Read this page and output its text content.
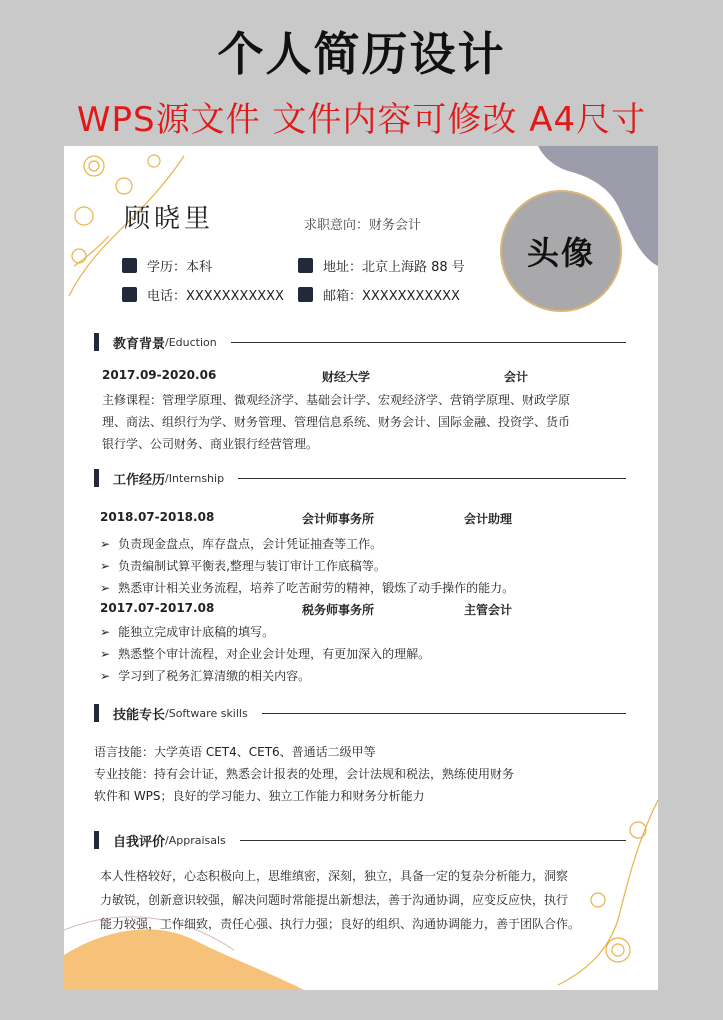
个人简历设计
WPS源文件 文件内容可修改 A4尺寸
顾晓里	求职意向：财务会计
头像
学历：本科	地址：北京上海路 88 号
电话：XXXXXXXXXXX	邮箱：XXXXXXXXXXX
教育背景 /Eduction
2017.09-2020.06	财经大学	会计
主修课程：管理学原理、微观经济学、基础会计学、宏观经济学、营销学原理、财政学原
理、商法、组织行为学、财务管理、管理信息系统、财务会计、国际金融、投资学、货币
银行学、公司财务、商业银行经营管理。
工作经历 /Internship
2018.07-2018.08	会计师事务所	会计助理
➢ 负责现金盘点，库存盘点，会计凭证抽查等工作。
➢ 负责编制试算平衡表,整理与装订审计工作底稿等。
➢ 熟悉审计相关业务流程，培养了吃苦耐劳的精神，锻炼了动手操作的能力。
2017.07-2017.08	税务师事务所	主管会计
➢ 能独立完成审计底稿的填写。
➢ 熟悉整个审计流程，对企业会计处理，有更加深入的理解。
➢ 学习到了税务汇算清缴的相关内容。
技能专长 /Software skills
语言技能：大学英语 CET4、CET6、普通话二级甲等
专业技能：持有会计证，熟悉会计报表的处理，会计法规和税法，熟练使用财务
软件和 WPS；良好的学习能力、独立工作能力和财务分析能力
自我评价 /Appraisals
本人性格较好，心态积极向上，思维缜密，深刻，独立，具备一定的复杂分析能力，洞察
力敏锐，创新意识较强，解决问题时常能提出新想法，善于沟通协调，应变反应快，执行
能力较强，工作细致，责任心强、执行力强；良好的组织、沟通协调能力，善于团队合作。
